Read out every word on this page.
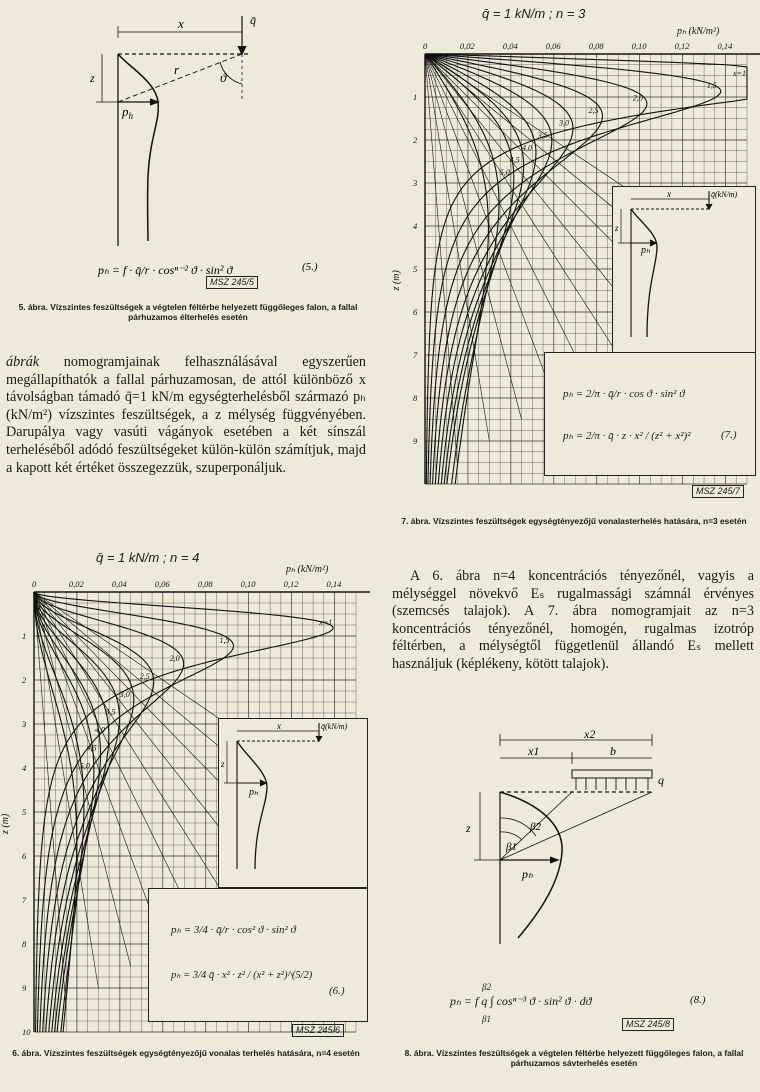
x	q̄
z
r
ϑ
$p_h$
pₕ = f · q̄/r · cosⁿ⁻² ϑ · sin² ϑ	(5.)
MSZ 245/5
5. ábra. Vízszintes feszültségek a végtelen féltérbe helyezett függőleges falon, a fallal párhuzamos élterhelés esetén
ábrák nomogramjainak felhasználásával egyszerűen megállapíthatók a fallal párhuzamosan, de attól különböző x távolságban támadó q̄=1 kN/m egységterhelésből származó pₕ (kN/m²) vízszintes feszültségek, a z mélység függvényében. Darupálya vagy vasúti vágányok esetében a két sínszál terheléséből adódó feszültségeket külön-külön számítjuk, majd a kapott két értéket összegezzük, szuperponáljuk.
q̄ = 1 kN/m ; n = 3
x=1
1,5
2,0
2,5
3,0
3,5
4,0
4,5
5,0
0	0,02	0,04	0,06	0,08	0,10	0,12	0,14
1
2
3
4
5
6
7
8
9
pₕ (kN/m²)
z (m)
x	q̄(kN/m)
z
pₕ
pₕ = 2/π · q̄/r · cos ϑ · sin² ϑ
pₕ = 2/π · q̄ · z · x² / (z² + x²)²	(7.)
MSZ 245/7
7. ábra. Vízszintes feszültségek egységtényezőjű vonalasterhelés hatására, n=3 esetén
A 6. ábra n=4 koncentrációs tényezőnél, vagyis a mélységgel növekvő Eₛ rugalmassági számnál érvényes (szemcsés talajok). A 7. ábra nomogramjait az n=3 koncentrációs tényezőnél, homogén, rugalmas izotróp féltérben, a mélységtől függetlenül állandó Eₛ mellett használjuk (képlékeny, kötött talajok).
q̄ = 1 kN/m ; n = 4
x=1
1,5
2,0
2,5
3,0
3,5
4,0
4,5
5,0
0	0,02	0,04	0,06	0,08	0,10	0,12	0,14
1
2
3
4
5
6
7
8
9
10
pₕ (kN/m²)
z (m)
x	q̄(kN/m)
z
pₕ
pₕ = 3/4 · q̄/r · cos² ϑ · sin² ϑ
pₕ = 3/4 q̄ · x² · z² / (x² + z²)^(5/2)
(6.)
MSZ 245/6
6. ábra. Vízszintes feszültségek egységtényezőjű vonalas terhelés hatására, n=4 esetén
x2
x1	b
q
z	β2
β1
pₕ
β2
β1
pₕ = f q ∫ cosⁿ⁻³ ϑ · sin² ϑ · dϑ	(8.)
MSZ 245/8
8. ábra. Vízszintes feszültségek a végtelen féltérbe helyezett függőleges falon, a fallal párhuzamos sávterhelés esetén
